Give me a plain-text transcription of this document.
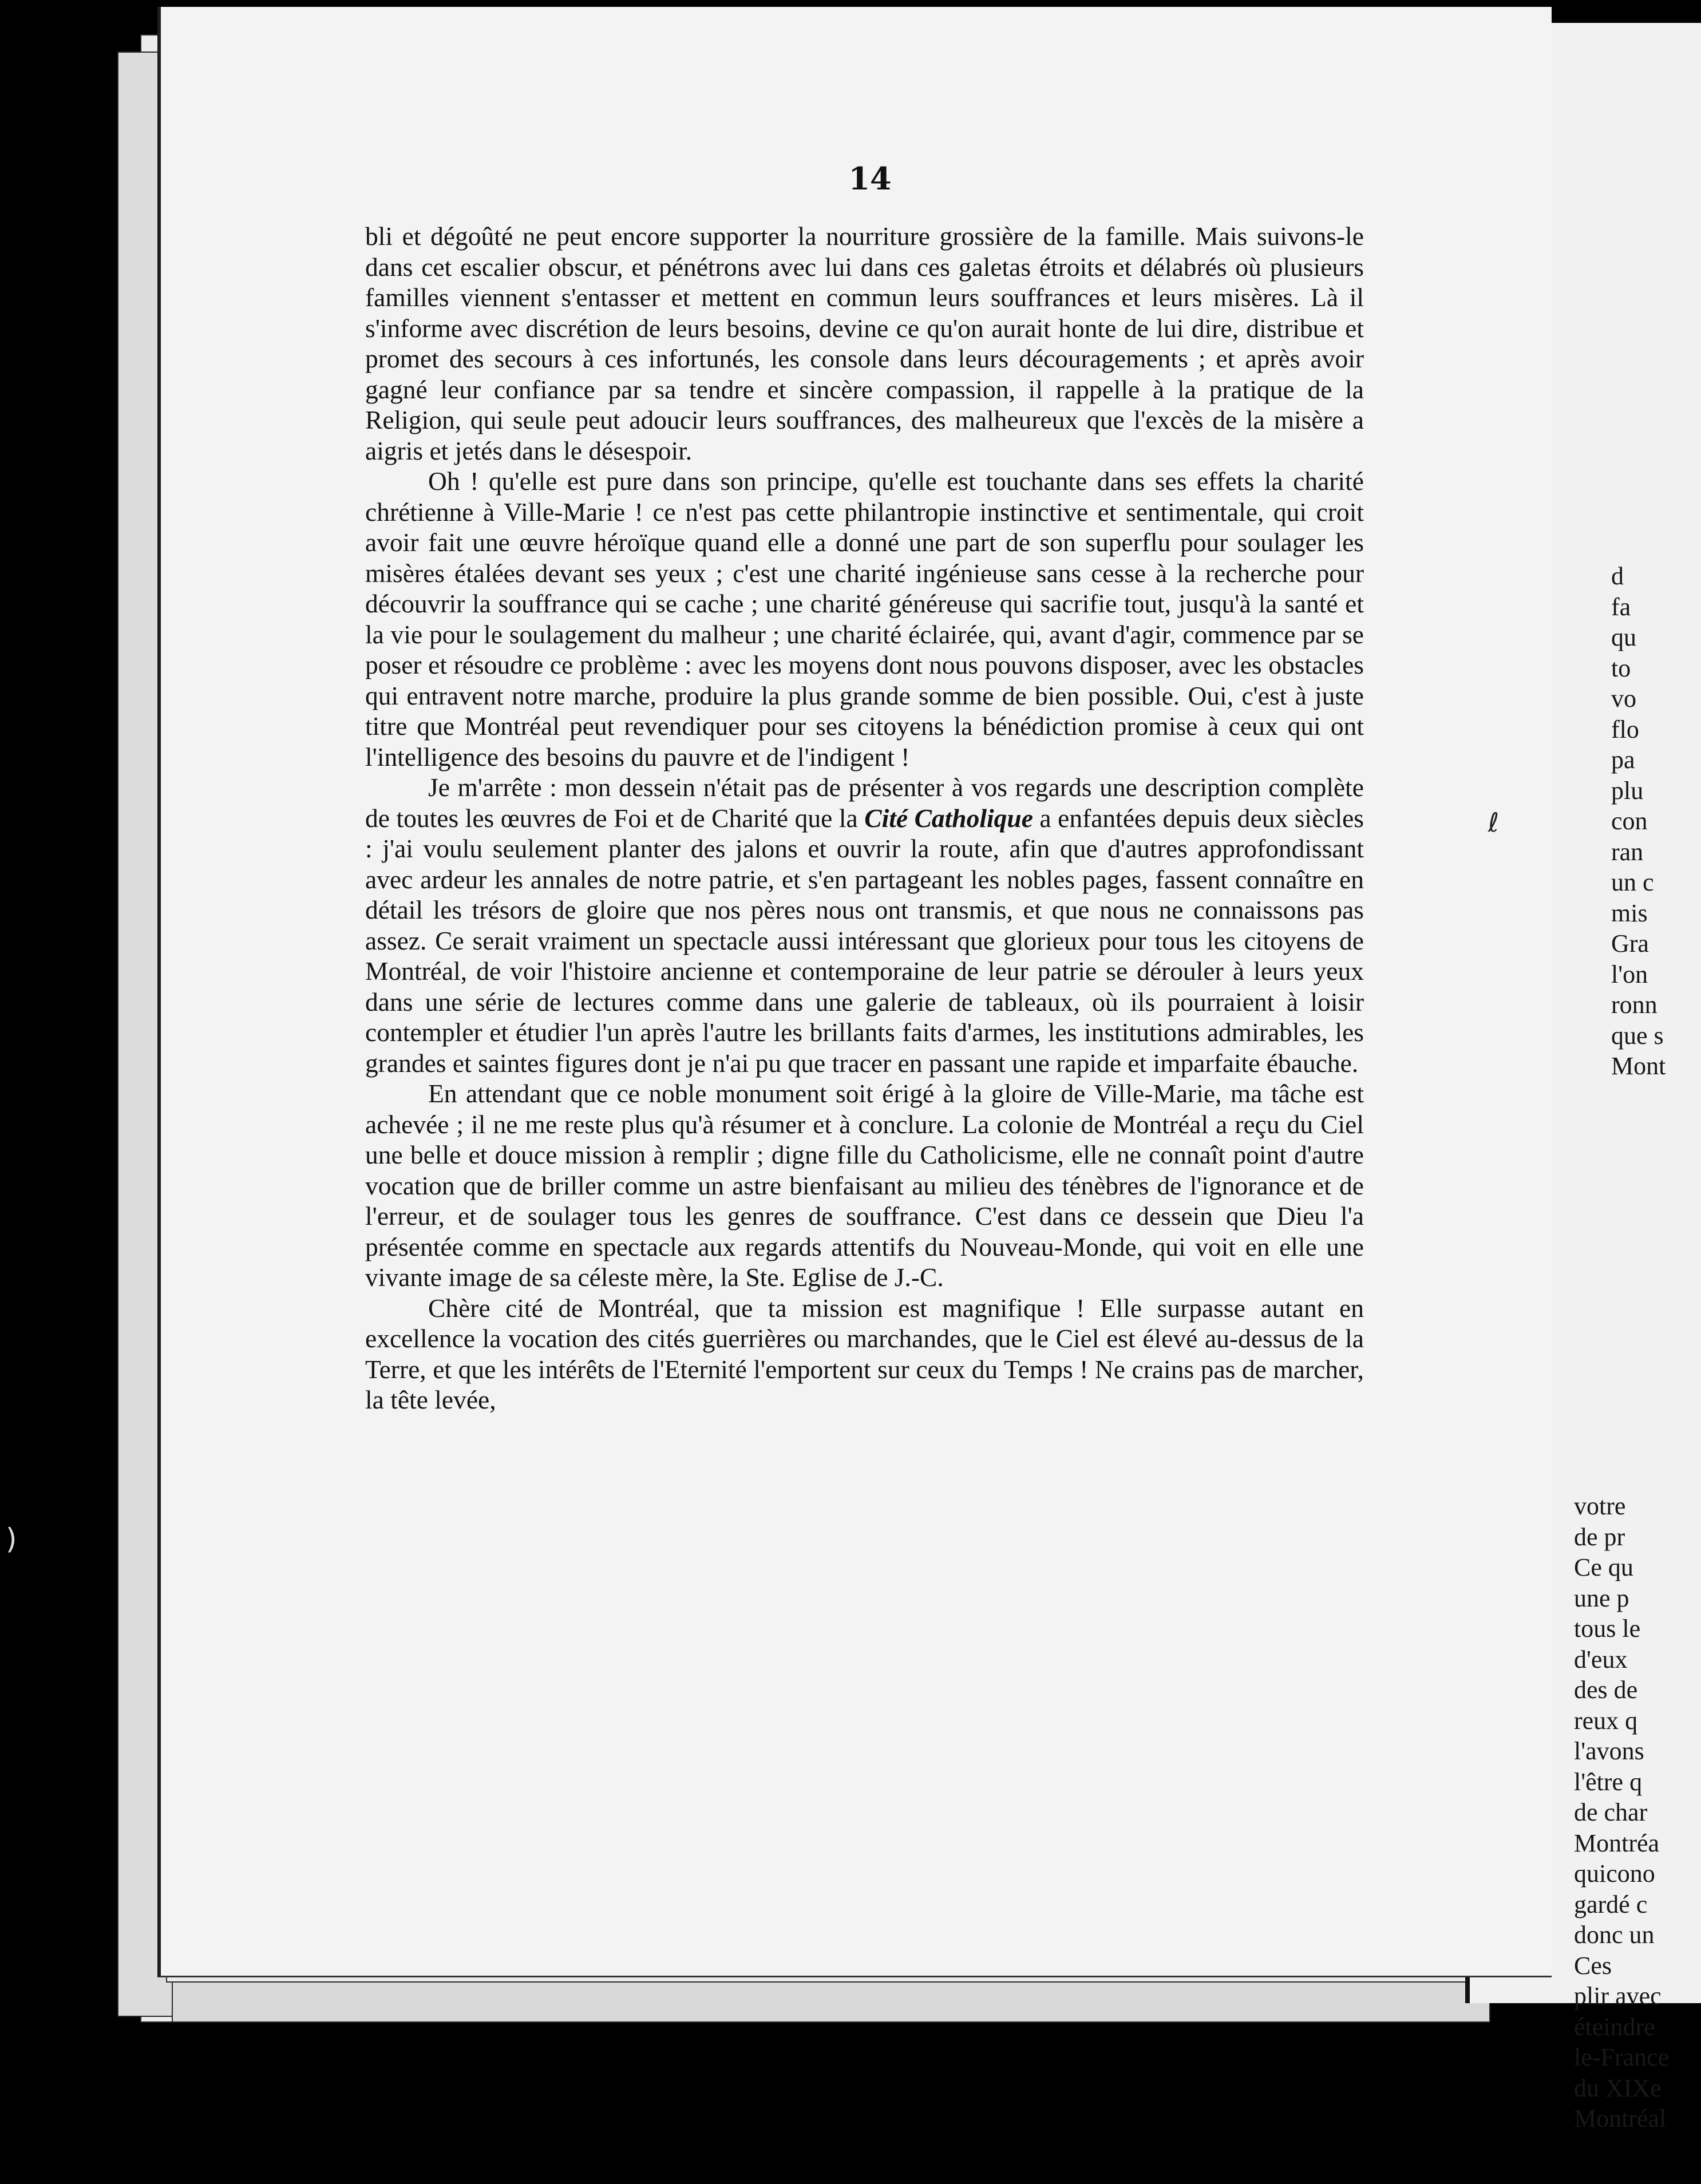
14

bli et dégoûté ne peut encore supporter la nourriture grossière de la famille. Mais suivons-le dans cet escalier obscur, et pénétrons avec lui dans ces galetas étroits et délabrés où plusieurs familles viennent s'entasser et mettent en commun leurs souffrances et leurs misères. Là il s'informe avec discrétion de leurs besoins, devine ce qu'on aurait honte de lui dire, distribue et promet des secours à ces infortunés, les console dans leurs découragements ; et après avoir gagné leur confiance par sa tendre et sincère compassion, il rappelle à la pratique de la Religion, qui seule peut adoucir leurs souffrances, des malheureux que l'excès de la misère a aigris et jetés dans le désespoir.

Oh ! qu'elle est pure dans son principe, qu'elle est touchante dans ses effets la charité chrétienne à Ville-Marie ! ce n'est pas cette philantropie instinctive et sentimentale, qui croit avoir fait une œuvre héroïque quand elle a donné une part de son superflu pour soulager les misères étalées devant ses yeux ; c'est une charité ingénieuse sans cesse à la recherche pour découvrir la souffrance qui se cache ; une charité généreuse qui sacrifie tout, jusqu'à la santé et la vie pour le soulagement du malheur ; une charité éclairée, qui, avant d'agir, commence par se poser et résoudre ce problème : avec les moyens dont nous pouvons disposer, avec les obstacles qui entravent notre marche, produire la plus grande somme de bien possible. Oui, c'est à juste titre que Montréal peut revendiquer pour ses citoyens la bénédiction promise à ceux qui ont l'intelligence des besoins du pauvre et de l'indigent !

Je m'arrête : mon dessein n'était pas de présenter à vos regards une description complète de toutes les œuvres de Foi et de Charité que la Cité Catholique a enfantées depuis deux siècles : j'ai voulu seulement planter des jalons et ouvrir la route, afin que d'autres approfondissant avec ardeur les annales de notre patrie, et s'en partageant les nobles pages, fassent connaître en détail les trésors de gloire que nos pères nous ont transmis, et que nous ne connaissons pas assez. Ce serait vraiment un spectacle aussi intéressant que glorieux pour tous les citoyens de Montréal, de voir l'histoire ancienne et contemporaine de leur patrie se dérouler à leurs yeux dans une série de lectures comme dans une galerie de tableaux, où ils pourraient à loisir contempler et étudier l'un après l'autre les brillants faits d'armes, les institutions admirables, les grandes et saintes figures dont je n'ai pu que tracer en passant une rapide et imparfaite ébauche.

En attendant que ce noble monument soit érigé à la gloire de Ville-Marie, ma tâche est achevée ; il ne me reste plus qu'à résumer et à conclure. La colonie de Montréal a reçu du Ciel une belle et douce mission à remplir ; digne fille du Catholicisme, elle ne connaît point d'autre vocation que de briller comme un astre bienfaisant au milieu des ténèbres de l'ignorance et de l'erreur, et de soulager tous les genres de souffrance. C'est dans ce dessein que Dieu l'a présentée comme en spectacle aux regards attentifs du Nouveau-Monde, qui voit en elle une vivante image de sa céleste mère, la Ste. Eglise de J.-C.

Chère cité de Montréal, que ta mission est magnifique ! Elle surpasse autant en excellence la vocation des cités guerrières ou marchandes, que le Ciel est élevé au-dessus de la Terre, et que les intérêts de l'Eternité l'emportent sur ceux du Temps ! Ne crains pas de marcher, la tête levée,

d
fa
qu
to
vo
flo
pa
plu
con
ran
un c
mis
Gra
l'on
ronn
que s
Mont
votre
de pr
Ce qu
une p
tous le
d'eux
des de
reux q
l'avons
l'être q
de char
Montréa
quicono
gardé c
donc un
Ces
plir avec
éteindre
le-France
du XIXe
Montréal
ℓ
)
